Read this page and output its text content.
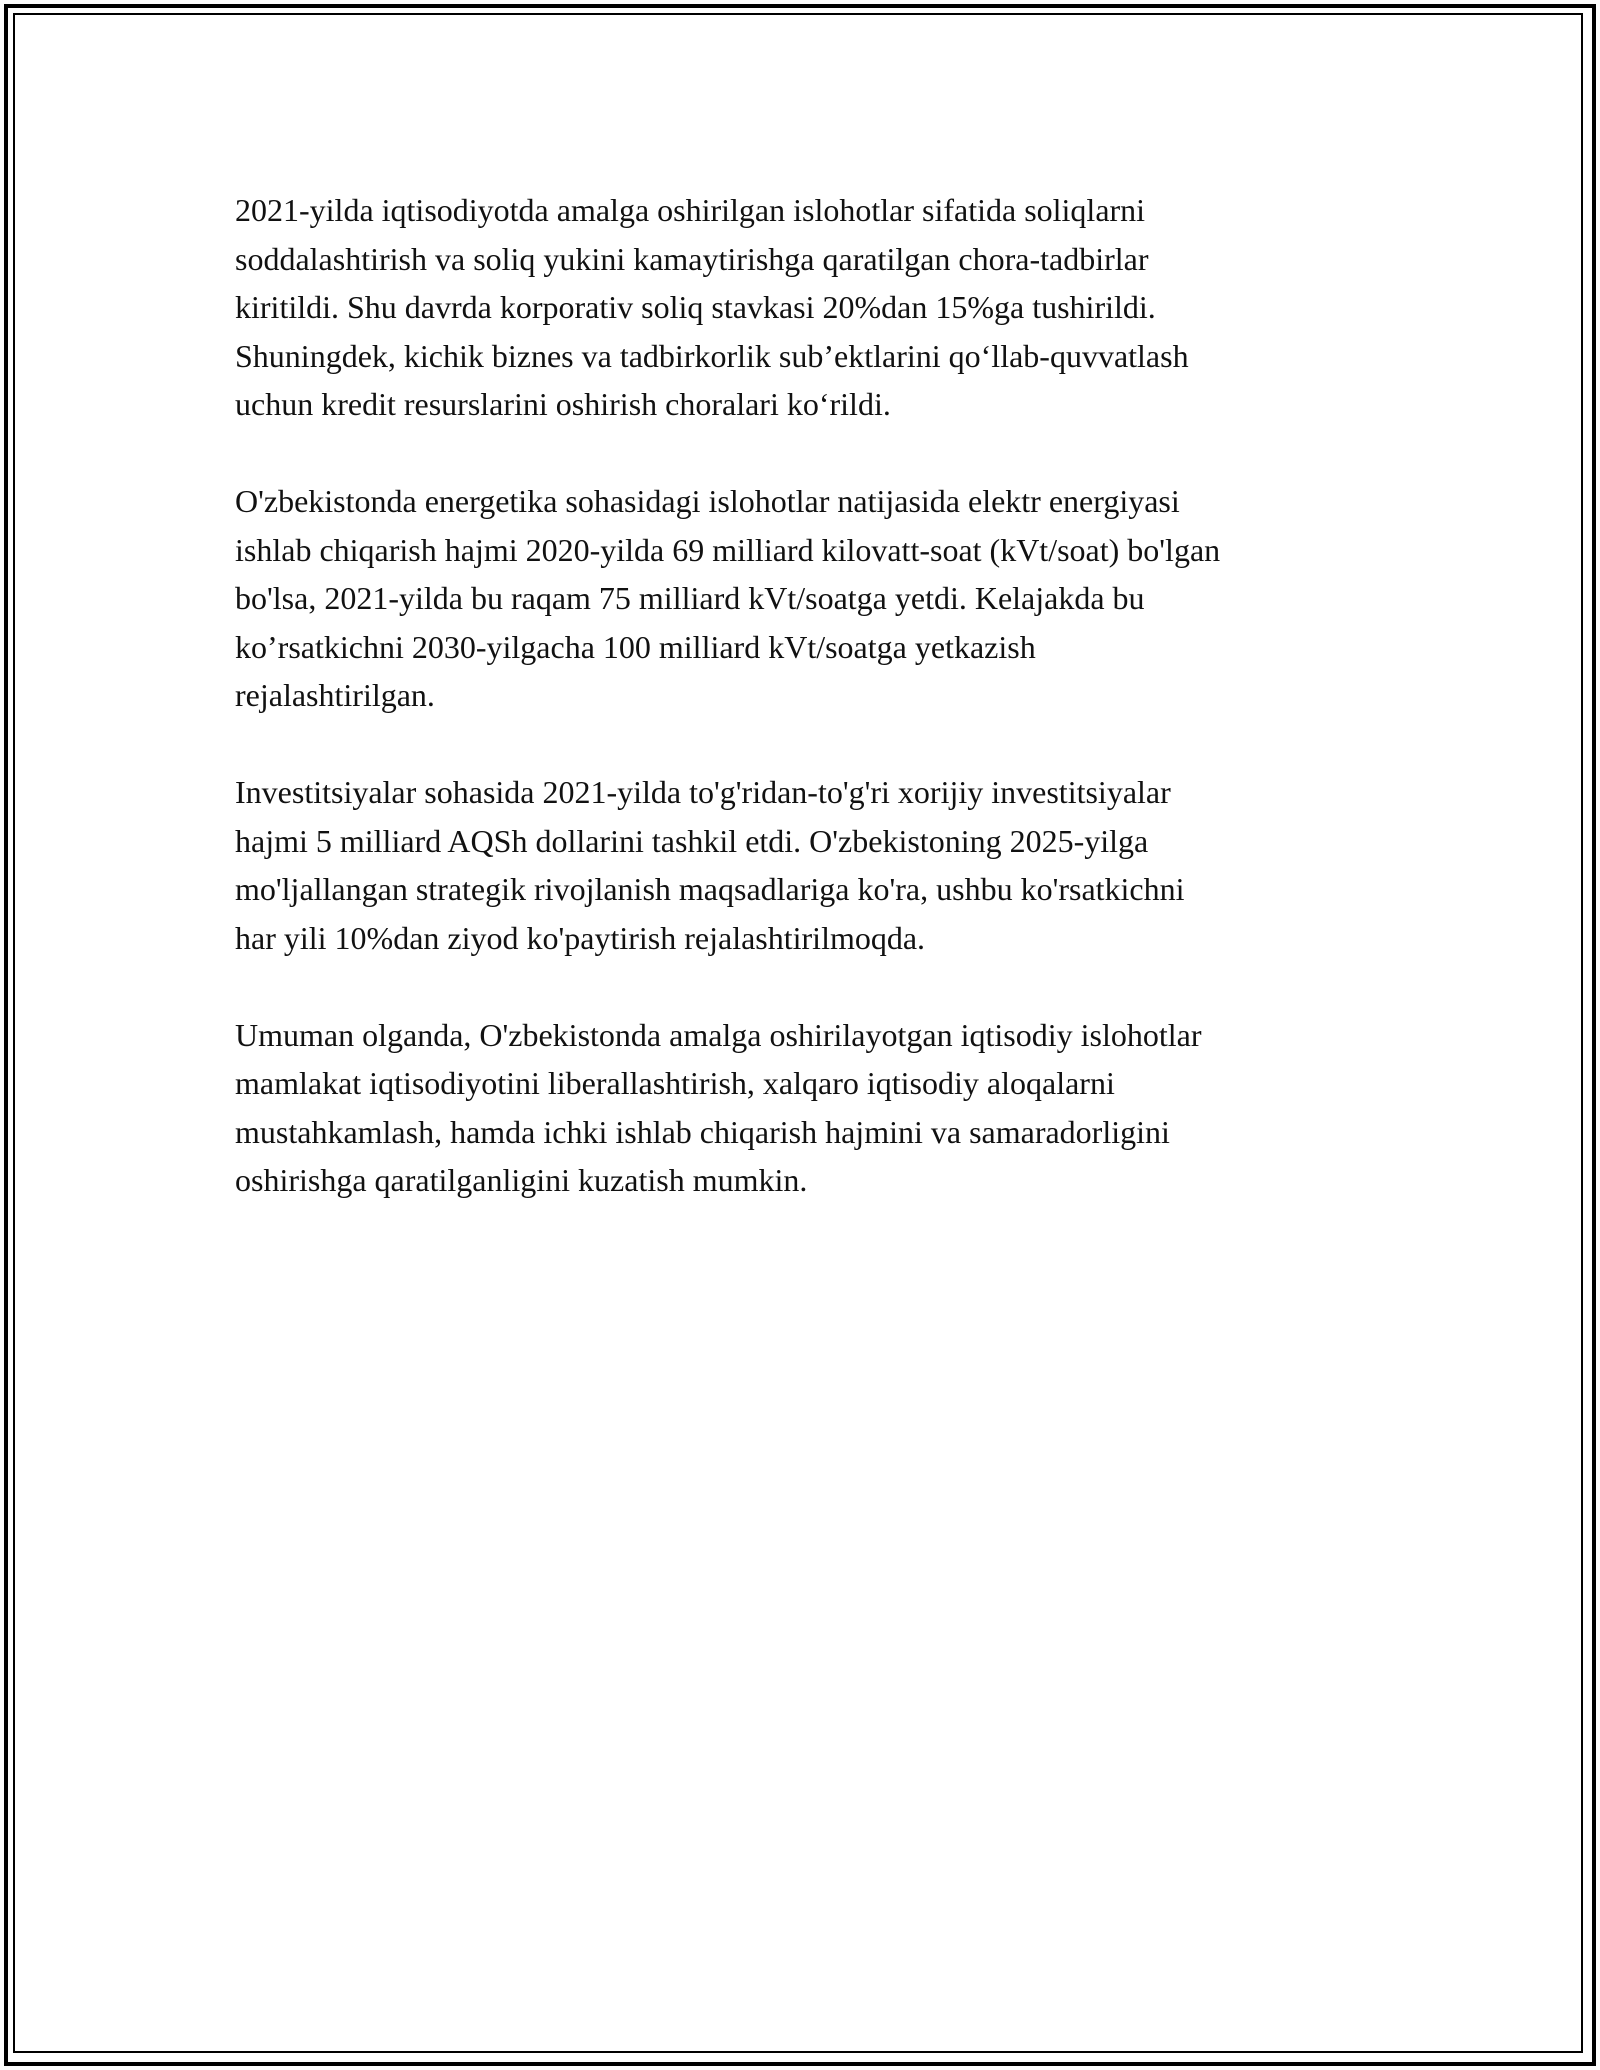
2021-yilda iqtisodiyotda amalga oshirilgan islohotlar sifatida soliqlarni
soddalashtirish va soliq yukini kamaytirishga qaratilgan chora-tadbirlar
kiritildi. Shu davrda korporativ soliq stavkasi 20%dan 15%ga tushirildi.
Shuningdek, kichik biznes va tadbirkorlik sub’ektlarini qo‘llab-quvvatlash
uchun kredit resurslarini oshirish choralari ko‘rildi.

O'zbekistonda energetika sohasidagi islohotlar natijasida elektr energiyasi
ishlab chiqarish hajmi 2020-yilda 69 milliard kilovatt-soat (kVt/soat) bo'lgan
bo'lsa, 2021-yilda bu raqam 75 milliard kVt/soatga yetdi. Kelajakda bu
ko’rsatkichni 2030-yilgacha 100 milliard kVt/soatga yetkazish
rejalashtirilgan.

Investitsiyalar sohasida 2021-yilda to'g'ridan-to'g'ri xorijiy investitsiyalar
hajmi 5 milliard AQSh dollarini tashkil etdi. O'zbekistoning 2025-yilga
mo'ljallangan strategik rivojlanish maqsadlariga ko'ra, ushbu ko'rsatkichni
har yili 10%dan ziyod ko'paytirish rejalashtirilmoqda.

Umuman olganda, O'zbekistonda amalga oshirilayotgan iqtisodiy islohotlar
mamlakat iqtisodiyotini liberallashtirish, xalqaro iqtisodiy aloqalarni
mustahkamlash, hamda ichki ishlab chiqarish hajmini va samaradorligini
oshirishga qaratilganligini kuzatish mumkin.
